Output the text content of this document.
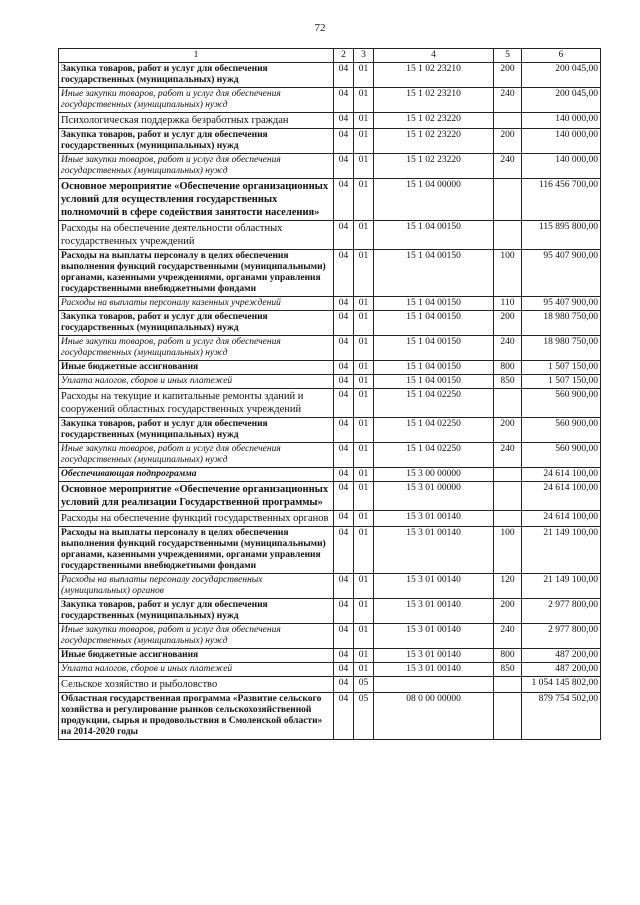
72
1	2	3	4	5	6
Закупка товаров, работ и услуг для обеспечения государственных (муниципальных) нужд	04	01	15 1 02 23210	200	200 045,00
Иные закупки товаров, работ и услуг для обеспечения государственных (муниципальных) нужд	04	01	15 1 02 23210	240	200 045,00
Психологическая поддержка безработных граждан	04	01	15 1 02 23220		140 000,00
Закупка товаров, работ и услуг для обеспечения государственных (муниципальных) нужд	04	01	15 1 02 23220	200	140 000,00
Иные закупки товаров, работ и услуг для обеспечения государственных (муниципальных) нужд	04	01	15 1 02 23220	240	140 000,00
Основное мероприятие «Обеспечение организационных условий для осуществления государственных полномочий в сфере содействия занятости населения»	04	01	15 1 04 00000		116 456 700,00
Расходы на обеспечение деятельности областных государственных учреждений	04	01	15 1 04 00150		115 895 800,00
Расходы на выплаты персоналу в целях обеспечения выполнения функций государственными (муниципальными) органами, казенными учреждениями, органами управления государственными внебюджетными фондами	04	01	15 1 04 00150	100	95 407 900,00
Расходы на выплаты персоналу казенных учреждений	04	01	15 1 04 00150	110	95 407 900,00
Закупка товаров, работ и услуг для обеспечения государственных (муниципальных) нужд	04	01	15 1 04 00150	200	18 980 750,00
Иные закупки товаров, работ и услуг для обеспечения государственных (муниципальных) нужд	04	01	15 1 04 00150	240	18 980 750,00
Иные бюджетные ассигнования	04	01	15 1 04 00150	800	1 507 150,00
Уплата налогов, сборов и иных платежей	04	01	15 1 04 00150	850	1 507 150,00
Расходы на текущие и капитальные ремонты зданий и сооружений областных государственных учреждений	04	01	15 1 04 02250		560 900,00
Закупка товаров, работ и услуг для обеспечения государственных (муниципальных) нужд	04	01	15 1 04 02250	200	560 900,00
Иные закупки товаров, работ и услуг для обеспечения государственных (муниципальных) нужд	04	01	15 1 04 02250	240	560 900,00
Обеспечивающая подпрограмма	04	01	15 3 00 00000		24 614 100,00
Основное мероприятие «Обеспечение организационных условий для реализации Государственной программы»	04	01	15 3 01 00000		24 614 100,00
Расходы на обеспечение функций государственных органов	04	01	15 3 01 00140		24 614 100,00
Расходы на выплаты персоналу в целях обеспечения выполнения функций государственными (муниципальными) органами, казенными учреждениями, органами управления государственными внебюджетными фондами	04	01	15 3 01 00140	100	21 149 100,00
Расходы на выплаты персоналу государственных (муниципальных) органов	04	01	15 3 01 00140	120	21 149 100,00
Закупка товаров, работ и услуг для обеспечения государственных (муниципальных) нужд	04	01	15 3 01 00140	200	2 977 800,00
Иные закупки товаров, работ и услуг для обеспечения государственных (муниципальных) нужд	04	01	15 3 01 00140	240	2 977 800,00
Иные бюджетные ассигнования	04	01	15 3 01 00140	800	487 200,00
Уплата налогов, сборов и иных платежей	04	01	15 3 01 00140	850	487 200,00
Сельское хозяйство и рыболовство	04	05			1 054 145 802,00
Областная государственная программа «Развитие сельского хозяйства и регулирование рынков сельскохозяйственной продукции, сырья и продовольствия в Смоленской области» на 2014-2020 годы	04	05	08 0 00 00000		879 754 502,00
